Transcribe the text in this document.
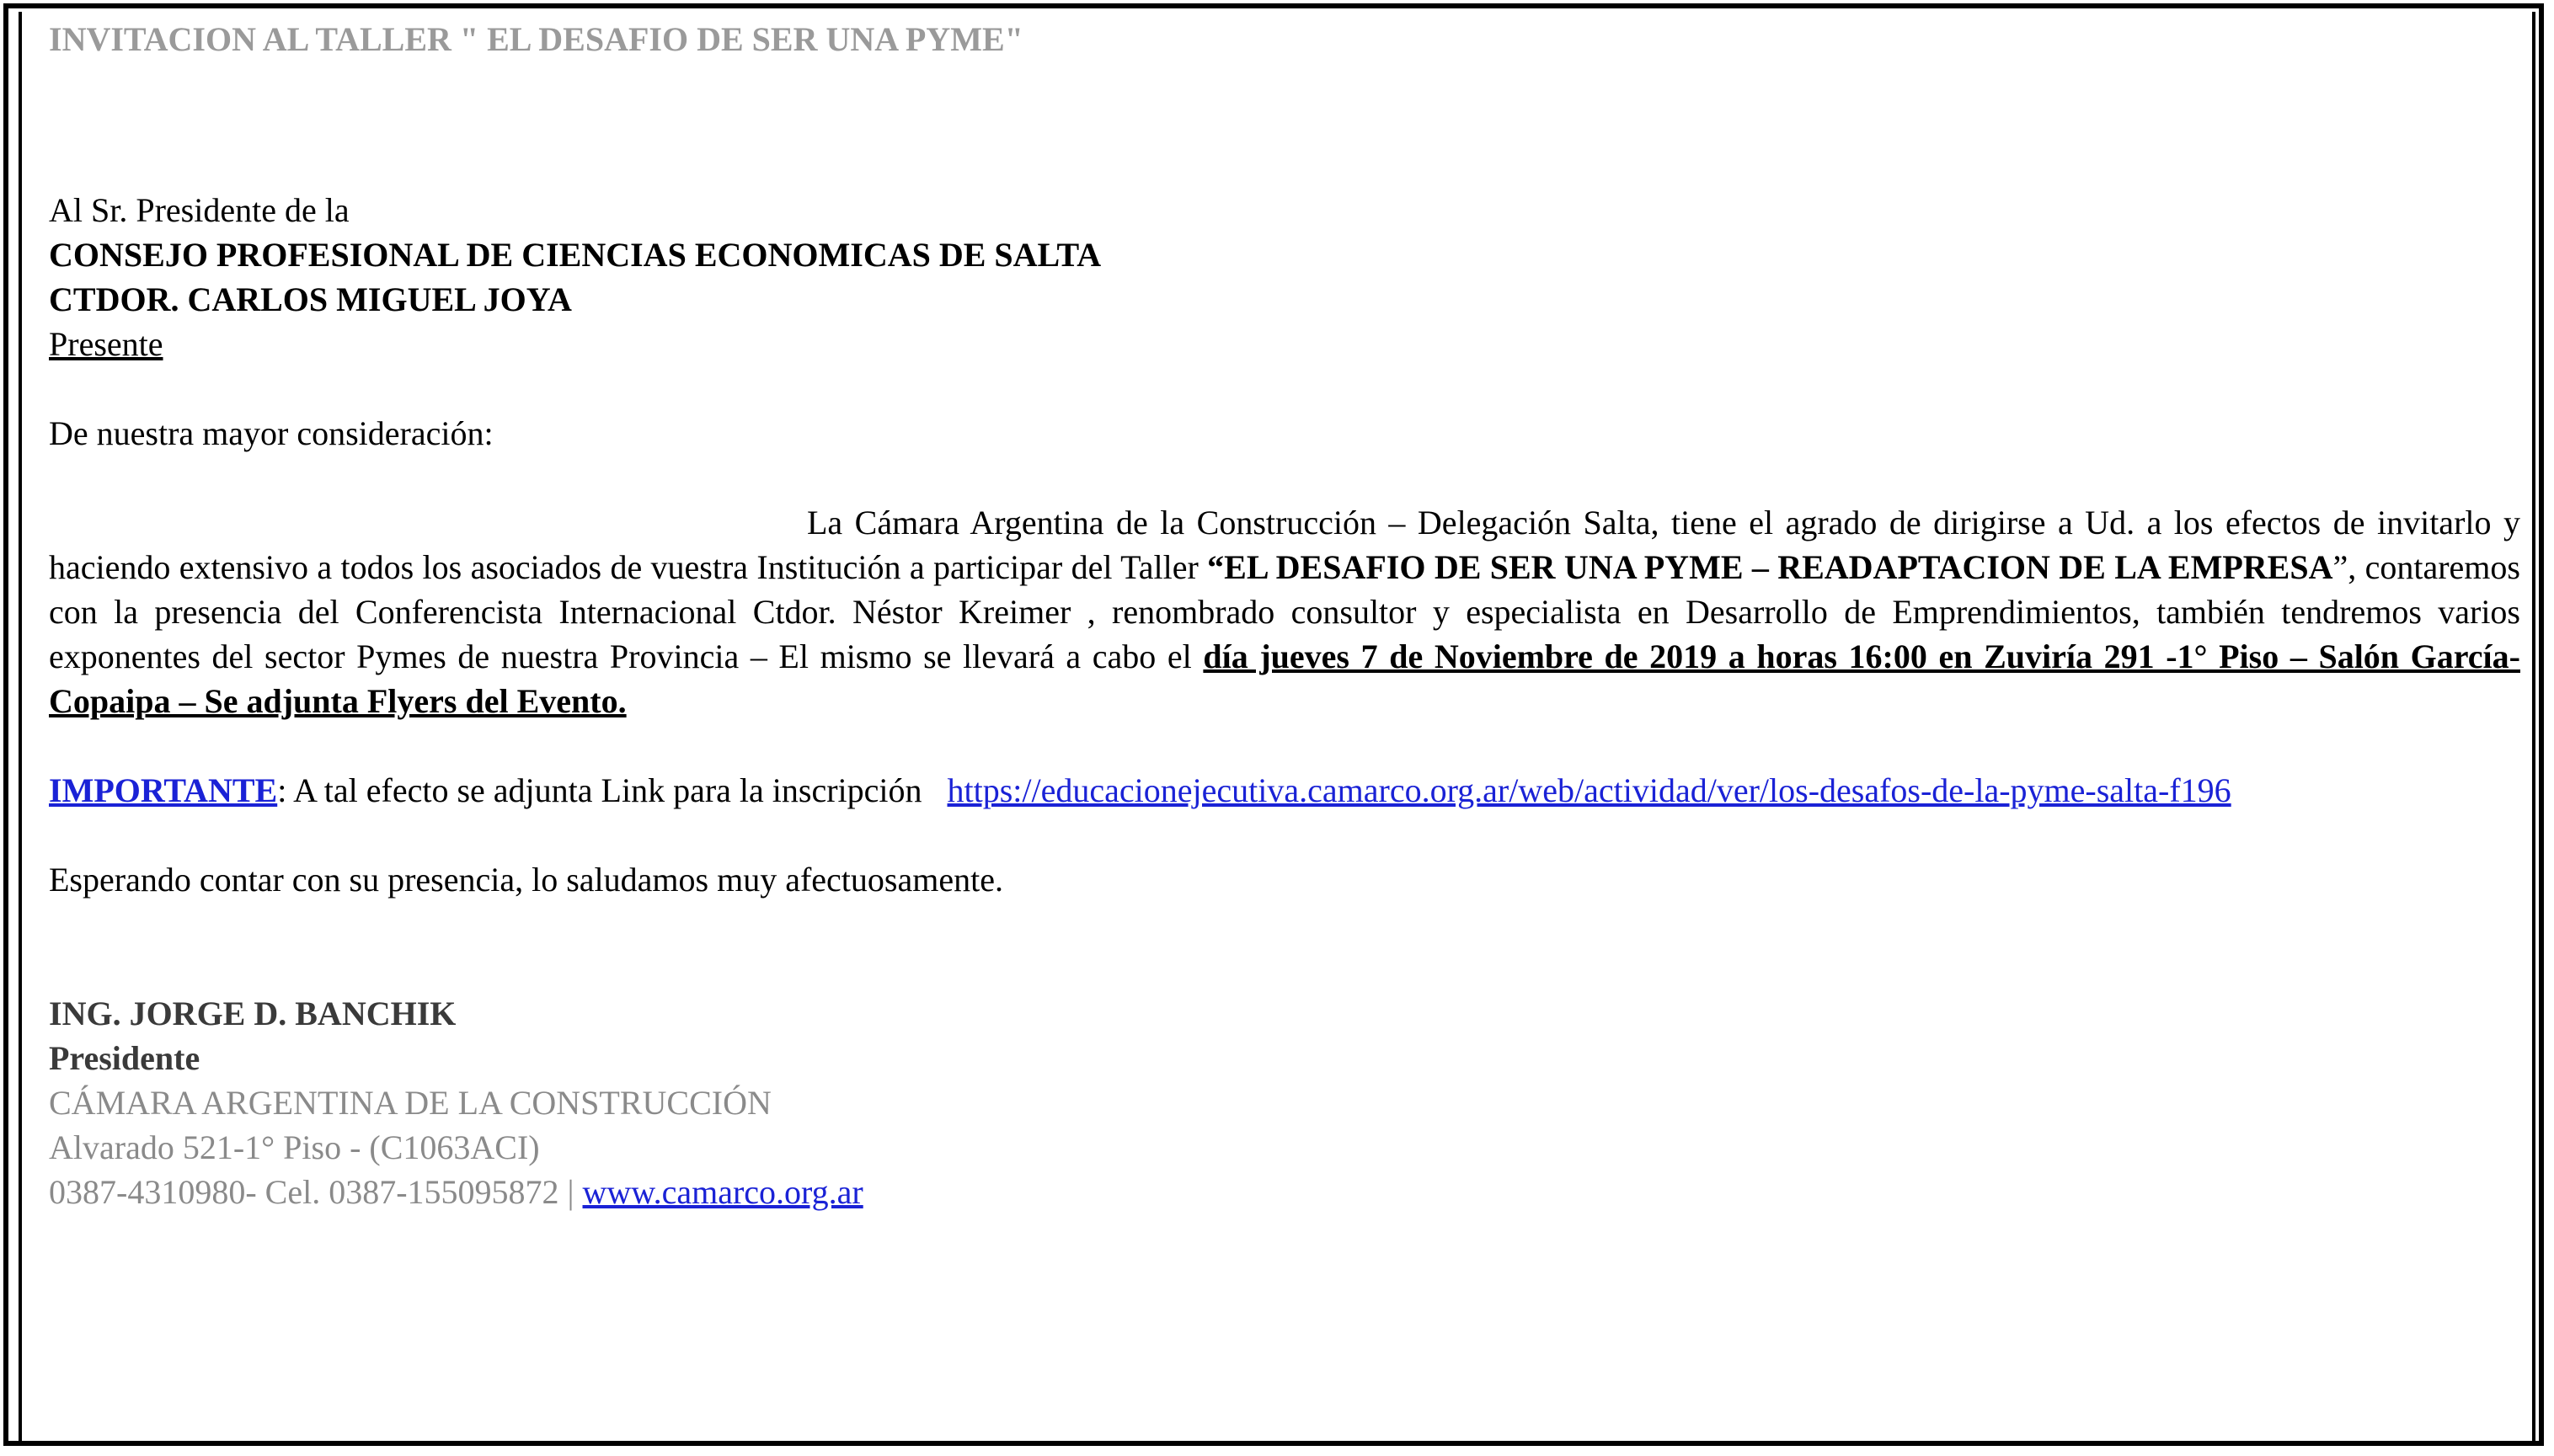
INVITACION AL TALLER " EL DESAFIO DE SER UNA PYME"
Al Sr. Presidente de la
CONSEJO PROFESIONAL DE CIENCIAS ECONOMICAS DE SALTA
CTDOR. CARLOS MIGUEL JOYA
Presente
De nuestra mayor consideración:
La Cámara Argentina de la Construcción – Delegación Salta, tiene el agrado de dirigirse a Ud. a los efectos de invitarlo y haciendo extensivo a todos los asociados de vuestra Institución a participar del Taller “EL DESAFIO DE SER UNA PYME – READAPTACION DE LA EMPRESA”, contaremos con la presencia del Conferencista Internacional Ctdor. Néstor Kreimer , renombrado consultor y especialista en Desarrollo de Emprendimientos, también tendremos varios exponentes del sector Pymes de nuestra Provincia – El mismo se llevará a cabo el día jueves 7 de Noviembre de 2019 a horas 16:00 en Zuviría 291 -1° Piso – Salón García- Copaipa – Se adjunta Flyers del Evento.
IMPORTANTE: A tal efecto se adjunta Link para la inscripción https://educacionejecutiva.camarco.org.ar/web/actividad/ver/los-desafos-de-la-pyme-salta-f196
Esperando contar con su presencia, lo saludamos muy afectuosamente.
ING. JORGE D. BANCHIK
Presidente
CÁMARA ARGENTINA DE LA CONSTRUCCIÓN
Alvarado 521-1° Piso - (C1063ACI)
0387-4310980- Cel. 0387-155095872 | www.camarco.org.ar
